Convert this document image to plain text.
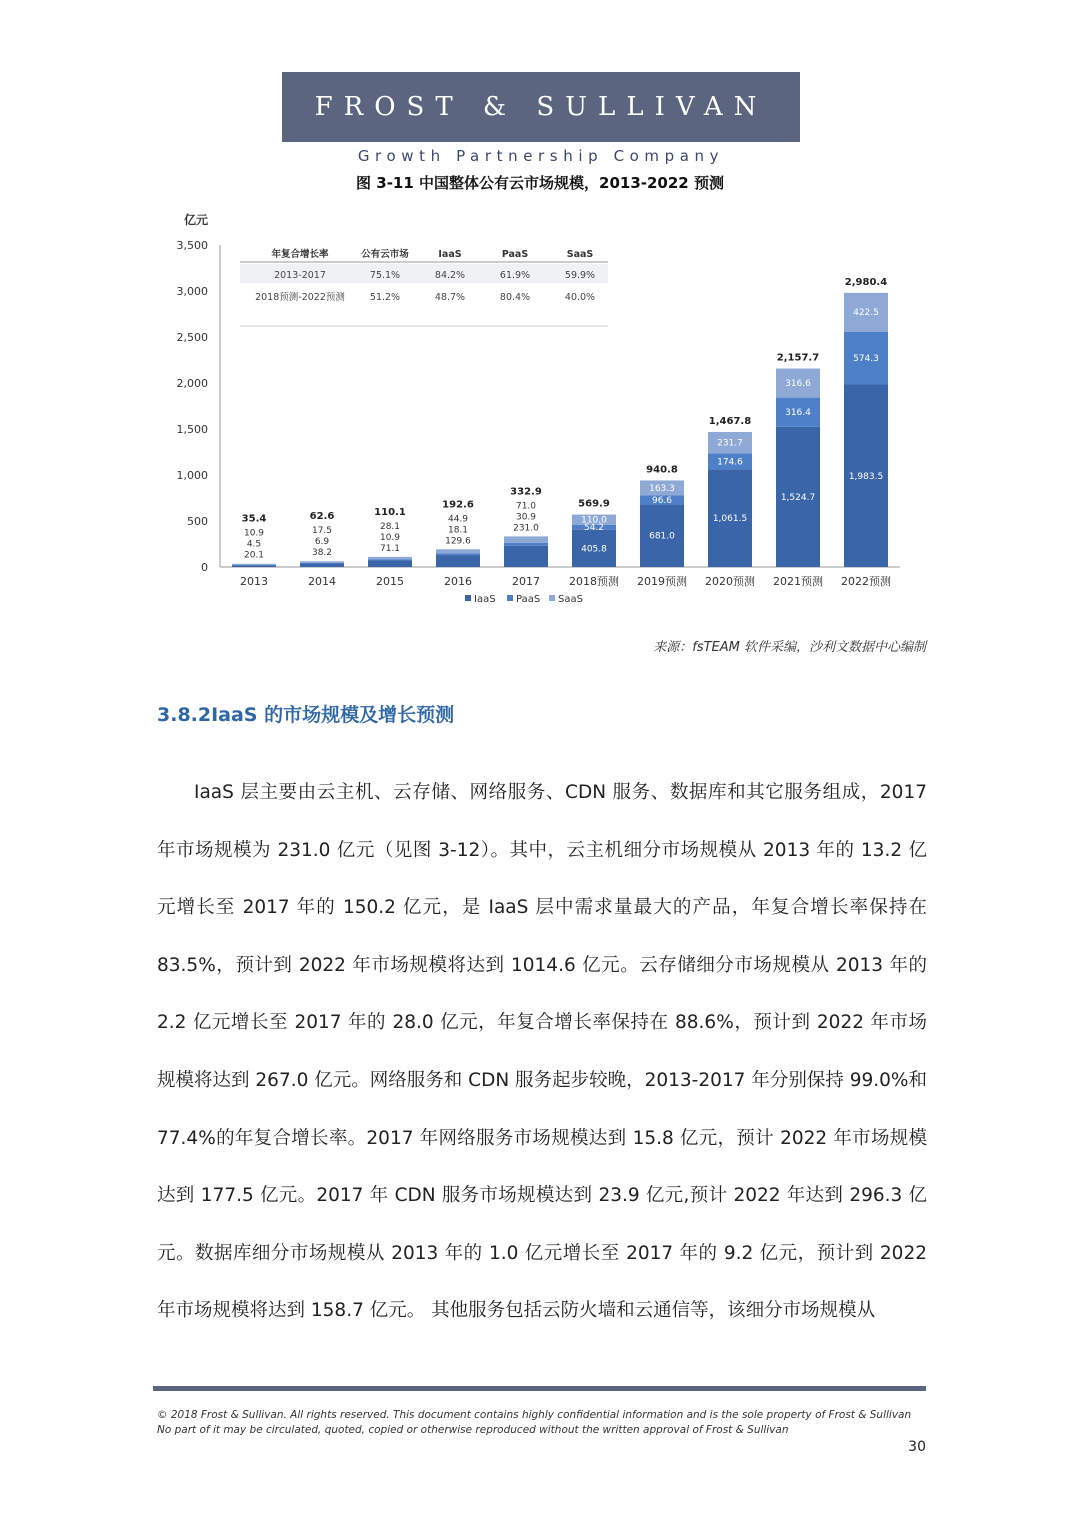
FROST & SULLIVAN
Growth Partnership Company
图 3-11 中国整体公有云市场规模，2013-2022 预测
亿元
0
500
1,000
1,500
2,000
2,500
3,000
3,500
20.1
4.5
10.9
35.4
2013
38.2
6.9
17.5
62.6
2014
71.1
10.9
28.1
110.1
2015
129.6
18.1
44.9
192.6
2016
231.0
30.9
71.0
332.9
2017
405.8
54.2
110.0
569.9
2018预测
681.0
96.6
163.3
940.8
2019预测
1,061.5
174.6
231.7
1,467.8
2020预测
1,524.7
316.4
316.6
2,157.7
2021预测
1,983.5
574.3
422.5
2,980.4
2022预测
IaaS PaaS SaaS
年复合增长率	公有云市场	IaaS	PaaS	SaaS
2013-2017	75.1%	84.2%	61.9%	59.9%
2018预测-2022预测	51.2%	48.7%	80.4%	40.0%
来源：fsTEAM 软件采编，沙利文数据中心编制
3.8.2IaaS 的市场规模及增长预测
IaaS 层主要由云主机、云存储、网络服务、CDN 服务、数据库和其它服务组成，2017 年市场规模为 231.0 亿元（见图 3-12）。其中，云主机细分市场规模从 2013 年的 13.2 亿元增长至 2017 年的 150.2 亿元，是 IaaS 层中需求量最大的产品，年复合增长率保持在 83.5%，预计到 2022 年市场规模将达到 1014.6 亿元。云存储细分市场规模从 2013 年的 2.2 亿元增长至 2017 年的 28.0 亿元，年复合增长率保持在 88.6%，预计到 2022 年市场规模将达到 267.0 亿元。网络服务和 CDN 服务起步较晚，2013-2017 年分别保持 99.0%和 77.4%的年复合增长率。2017 年网络服务市场规模达到 15.8 亿元，预计 2022 年市场规模达到 177.5 亿元。2017 年 CDN 服务市场规模达到 23.9 亿元,预计 2022 年达到 296.3 亿元。数据库细分市场规模从 2013 年的 1.0 亿元增长至 2017 年的 9.2 亿元，预计到 2022 年市场规模将达到 158.7 亿元。 其他服务包括云防火墙和云通信等，该细分市场规模从
© 2018 Frost & Sullivan. All rights reserved. This document contains highly confidential information and is the sole property of Frost & Sullivan
No part of it may be circulated, quoted, copied or otherwise reproduced without the written approval of Frost & Sullivan
30
